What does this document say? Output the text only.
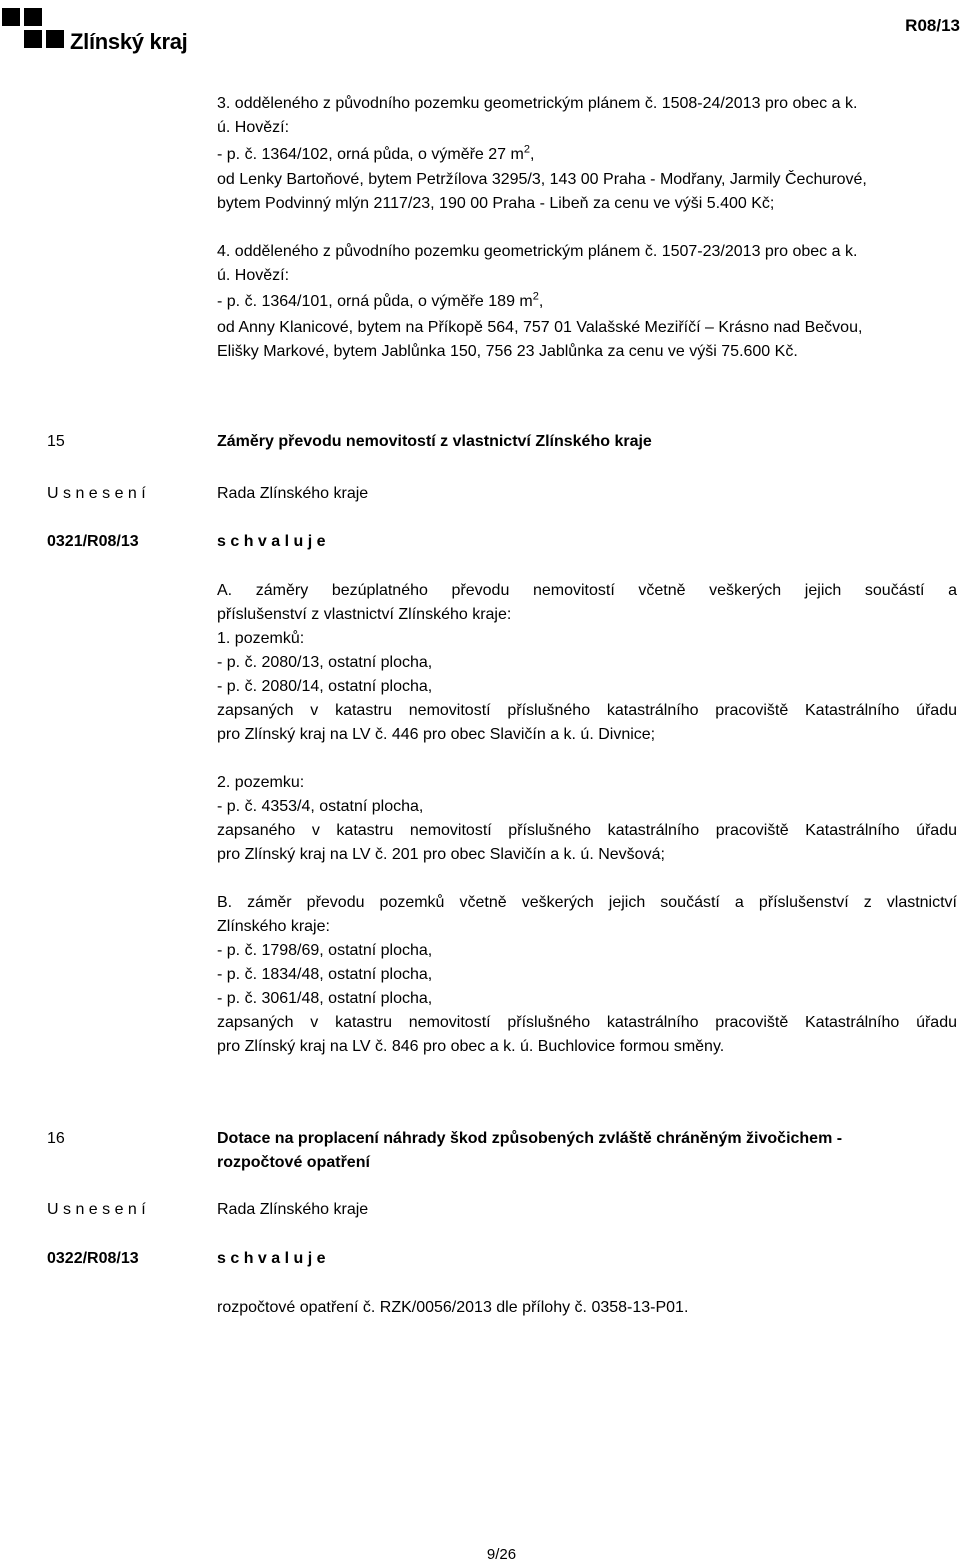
Zlínský kraj
R08/13
3. odděleného z původního pozemku geometrickým plánem č. 1508-24/2013 pro obec a k.
ú. Hovězí:
- p. č. 1364/102, orná půda, o výměře 27 $m^2$,
od Lenky Bartoňové, bytem Petržílova 3295/3, 143 00 Praha - Modřany, Jarmily Čechurové,
bytem Podvinný mlýn 2117/23, 190 00 Praha - Libeň za cenu ve výši 5.400 Kč;
4. odděleného z původního pozemku geometrickým plánem č. 1507-23/2013 pro obec a k.
ú. Hovězí:
- p. č. 1364/101, orná půda, o výměře 189 $m^2$,
od Anny Klanicové, bytem na Příkopě 564, 757 01 Valašské Meziříčí – Krásno nad Bečvou,
Elišky Markové, bytem Jablůnka 150, 756 23 Jablůnka za cenu ve výši 75.600 Kč.
15	Záměry převodu nemovitostí z vlastnictví Zlínského kraje
U s n e s e n í	Rada Zlínského kraje
0321/R08/13	s c h v a l u j e
A. záměry bezúplatného převodu nemovitostí včetně veškerých jejich součástí a
příslušenství z vlastnictví Zlínského kraje:
1. pozemků:
- p. č. 2080/13, ostatní plocha,
- p. č. 2080/14, ostatní plocha,
zapsaných v katastru nemovitostí příslušného katastrálního pracoviště Katastrálního úřadu
pro Zlínský kraj na LV č. 446 pro obec Slavičín a k. ú. Divnice;
2. pozemku:
- p. č. 4353/4, ostatní plocha,
zapsaného v katastru nemovitostí příslušného katastrálního pracoviště Katastrálního úřadu
pro Zlínský kraj na LV č. 201 pro obec Slavičín a k. ú. Nevšová;
B. záměr převodu pozemků včetně veškerých jejich součástí a příslušenství z vlastnictví
Zlínského kraje:
- p. č. 1798/69, ostatní plocha,
- p. č. 1834/48, ostatní plocha,
- p. č. 3061/48, ostatní plocha,
zapsaných v katastru nemovitostí příslušného katastrálního pracoviště Katastrálního úřadu
pro Zlínský kraj na LV č. 846 pro obec a k. ú. Buchlovice formou směny.
16	Dotace na proplacení náhrady škod způsobených zvláště chráněným živočichem -
rozpočtové opatření
U s n e s e n í	Rada Zlínského kraje
0322/R08/13	s c h v a l u j e
rozpočtové opatření č. RZK/0056/2013 dle přílohy č. 0358-13-P01.
9/26
